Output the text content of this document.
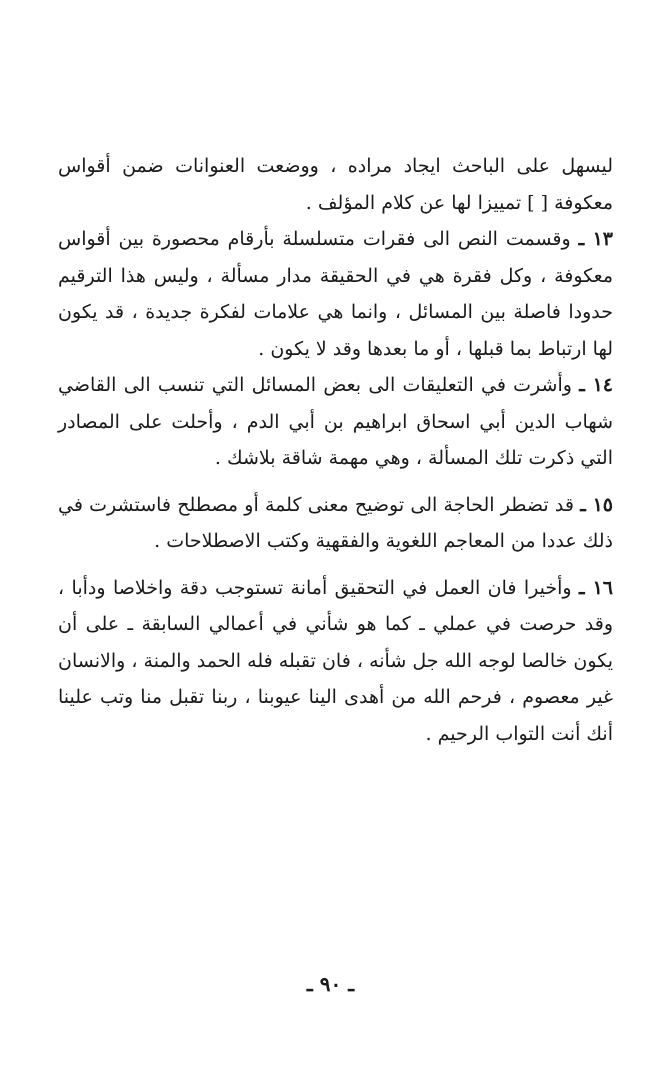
ليسهل على الباحث ايجاد مراده ، ووضعت العنوانات ضمن أقواس معكوفة [ ] تمييزا لها عن كلام المؤلف .

١٣ ـ وقسمت النص الى فقرات متسلسلة بأرقام محصورة بين أقواس معكوفة ، وكل فقرة هي في الحقيقة مدار مسألة ، وليس هذا الترقيم حدودا فاصلة بين المسائل ، وانما هي علامات لفكرة جديدة ، قد يكون لها ارتباط بما قبلها ، أو ما بعدها وقد لا يكون .

١٤ ـ وأشرت في التعليقات الى بعض المسائل التي تنسب الى القاضي شهاب الدين أبي اسحاق ابراهيم بن أبي الدم ، وأحلت على المصادر التي ذكرت تلك المسألة ، وهي مهمة شاقة بلاشك .

١٥ ـ قد تضطر الحاجة الى توضيح معنى كلمة أو مصطلح فاستشرت في ذلك عددا من المعاجم اللغوية والفقهية وكتب الاصطلاحات .

١٦ ـ وأخيرا فان العمل في التحقيق أمانة تستوجب دقة واخلاصا ودأبا ، وقد حرصت في عملي ـ كما هو شأني في أعمالي السابقة ـ على أن يكون خالصا لوجه الله جل شأنه ، فان تقبله فله الحمد والمنة ، والانسان غير معصوم ، فرحم الله من أهدى الينا عيوبنا ، ربنا تقبل منا وتب علينا أنك أنت التواب الرحيم .

ـ ٩٠ ـ
